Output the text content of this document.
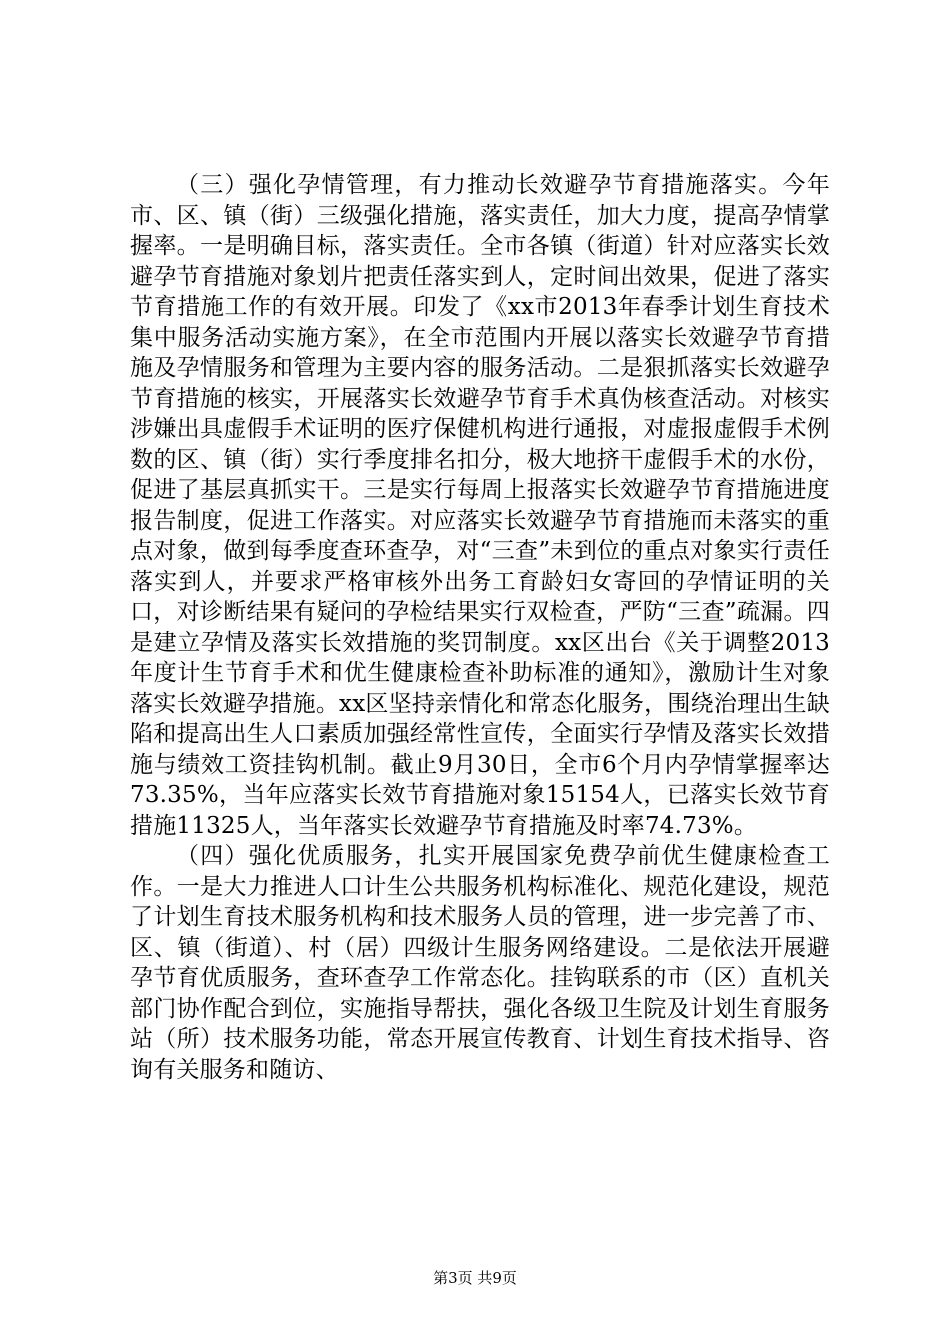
（三）强化孕情管理，有力推动长效避孕节育措施落实。今年市、区、镇（街）三级强化措施，落实责任，加大力度，提高孕情掌握率。一是明确目标，落实责任。全市各镇（街道）针对应落实长效避孕节育措施对象划片把责任落实到人，定时间出效果，促进了落实节育措施工作的有效开展。印发了《xx市2013年春季计划生育技术集中服务活动实施方案》，在全市范围内开展以落实长效避孕节育措施及孕情服务和管理为主要内容的服务活动。二是狠抓落实长效避孕节育措施的核实，开展落实长效避孕节育手术真伪核查活动。对核实涉嫌出具虚假手术证明的医疗保健机构进行通报，对虚报虚假手术例数的区、镇（街）实行季度排名扣分，极大地挤干虚假手术的水份，促进了基层真抓实干。三是实行每周上报落实长效避孕节育措施进度报告制度，促进工作落实。对应落实长效避孕节育措施而未落实的重点对象，做到每季度查环查孕，对“三查”未到位的重点对象实行责任落实到人，并要求严格审核外出务工育龄妇女寄回的孕情证明的关口，对诊断结果有疑问的孕检结果实行双检查，严防“三查”疏漏。四是建立孕情及落实长效措施的奖罚制度。xx区出台《关于调整2013年度计生节育手术和优生健康检查补助标准的通知》，激励计生对象落实长效避孕措施。xx区坚持亲情化和常态化服务，围绕治理出生缺陷和提高出生人口素质加强经常性宣传，全面实行孕情及落实长效措施与绩效工资挂钩机制。截止9月30日，全市6个月内孕情掌握率达73.35%，当年应落实长效节育措施对象15154人，已落实长效节育措施11325人，当年落实长效避孕节育措施及时率74.73%。

（四）强化优质服务，扎实开展国家免费孕前优生健康检查工作。一是大力推进人口计生公共服务机构标准化、规范化建设，规范了计划生育技术服务机构和技术服务人员的管理，进一步完善了市、区、镇（街道）、村（居）四级计生服务网络建设。二是依法开展避孕节育优质服务，查环查孕工作常态化。挂钩联系的市（区）直机关部门协作配合到位，实施指导帮扶，强化各级卫生院及计划生育服务站（所）技术服务功能，常态开展宣传教育、计划生育技术指导、咨询有关服务和随访、

第3页 共9页
